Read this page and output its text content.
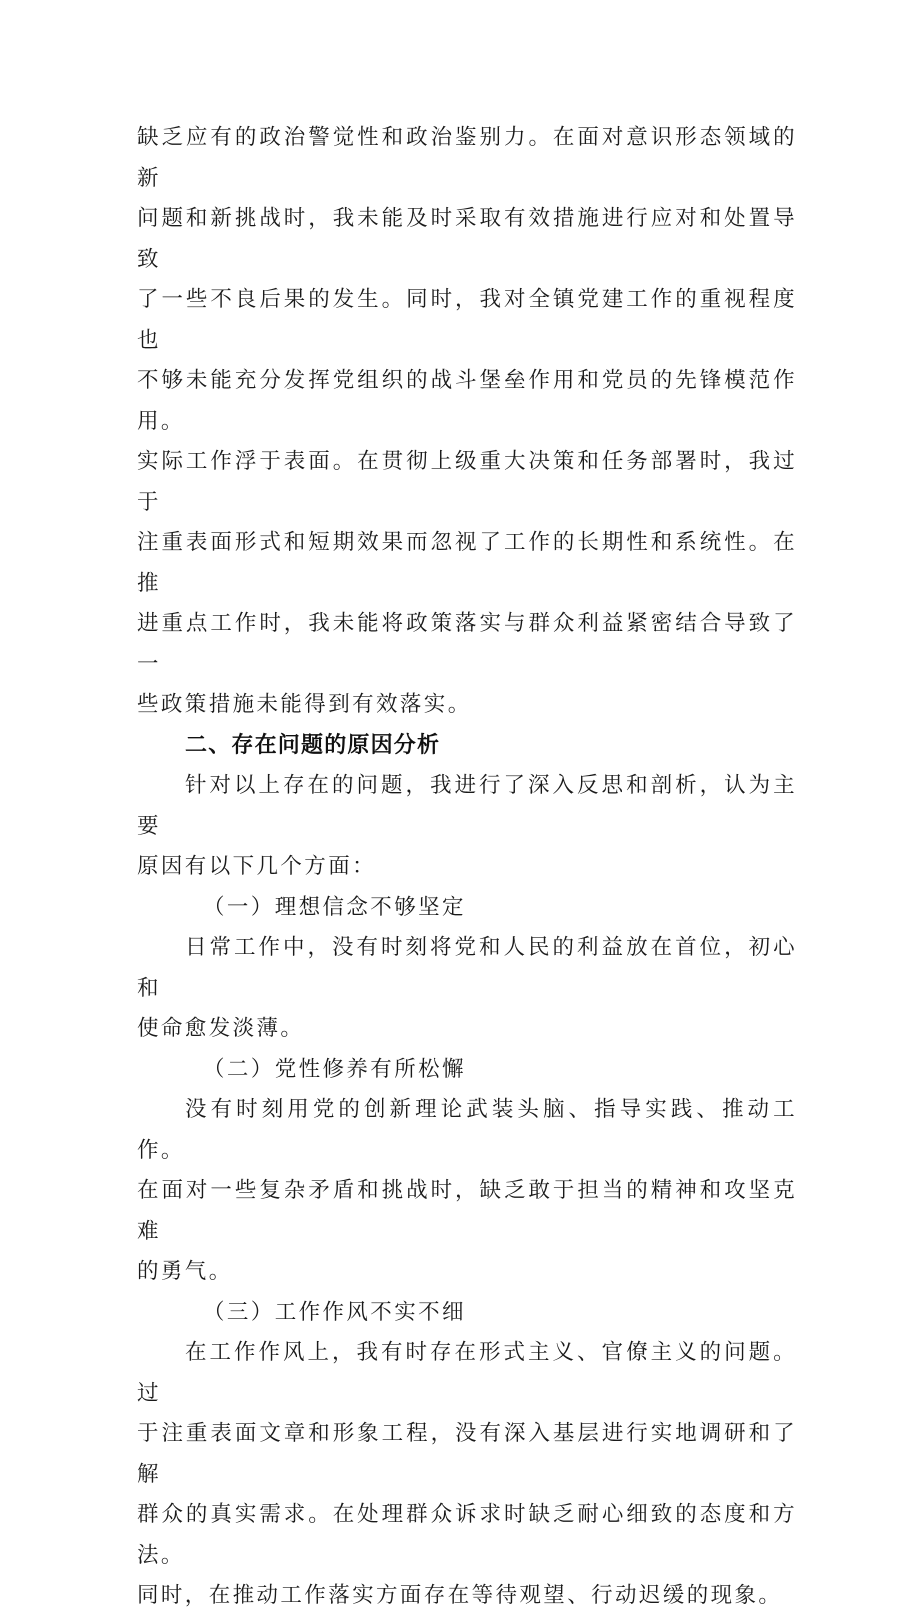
缺乏应有的政治警觉性和政治鉴别力。在面对意识形态领域的新
问题和新挑战时，我未能及时采取有效措施进行应对和处置导致
了一些不良后果的发生。同时，我对全镇党建工作的重视程度也
不够未能充分发挥党组织的战斗堡垒作用和党员的先锋模范作用。
实际工作浮于表面。在贯彻上级重大决策和任务部署时，我过于
注重表面形式和短期效果而忽视了工作的长期性和系统性。在推
进重点工作时，我未能将政策落实与群众利益紧密结合导致了一
些政策措施未能得到有效落实。
二、存在问题的原因分析
针对以上存在的问题，我进行了深入反思和剖析，认为主要
原因有以下几个方面：
（一）理想信念不够坚定
日常工作中，没有时刻将党和人民的利益放在首位，初心和
使命愈发淡薄。
（二）党性修养有所松懈
没有时刻用党的创新理论武装头脑、指导实践、推动工作。
在面对一些复杂矛盾和挑战时，缺乏敢于担当的精神和攻坚克难
的勇气。
（三）工作作风不实不细
在工作作风上，我有时存在形式主义、官僚主义的问题。过
于注重表面文章和形象工程，没有深入基层进行实地调研和了解
群众的真实需求。在处理群众诉求时缺乏耐心细致的态度和方法。
同时，在推动工作落实方面存在等待观望、行动迟缓的现象。
